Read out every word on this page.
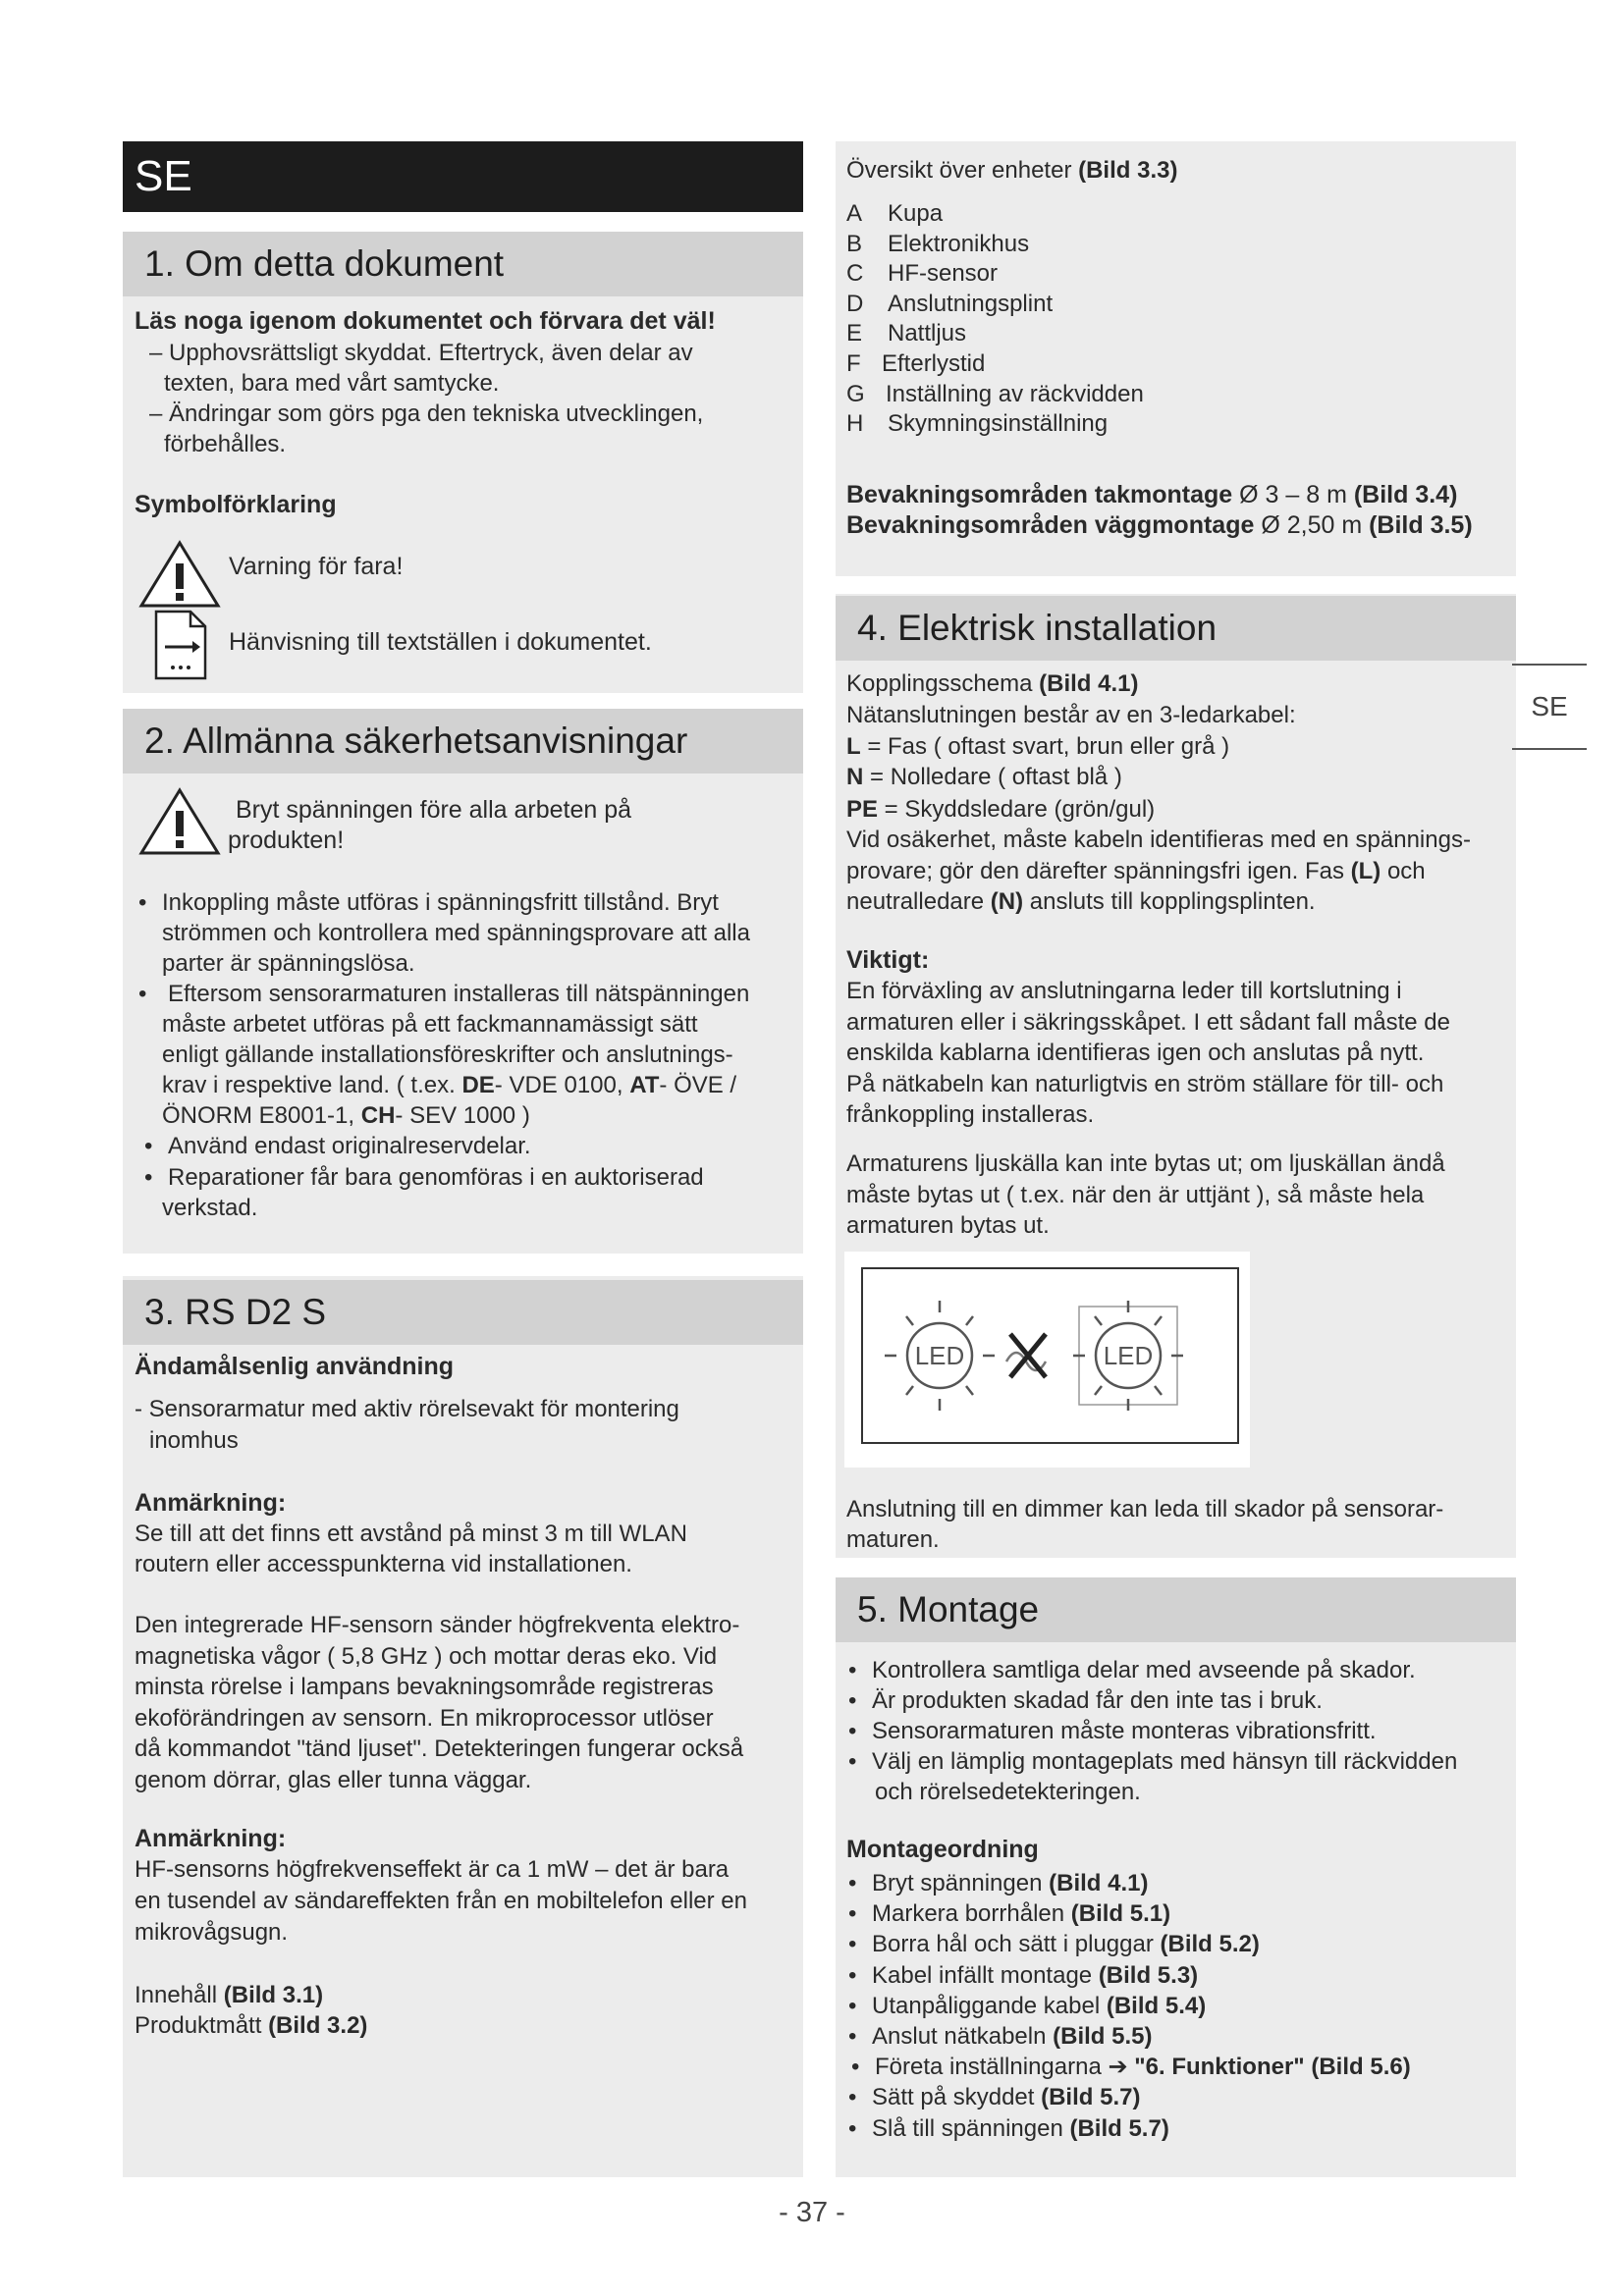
SE
1. Om detta dokument
Läs noga igenom dokumentet och förvara det väl!
– Upphovsrättsligt skyddat. Eftertryck, även delar av
texten, bara med vårt samtycke.
– Ändringar som görs pga den tekniska utvecklingen,
förbehålles.
Symbolförklaring
Varning för fara!
Hänvisning till textställen i dokumentet.
2. Allmänna säkerhetsanvisningar
Bryt spänningen före alla arbeten på
produkten!
• Inkoppling måste utföras i spänningsfritt tillstånd. Bryt
strömmen och kontrollera med spänningsprovare att alla
parter är spänningslösa.
• Eftersom sensorarmaturen installeras till nätspänningen
måste arbetet utföras på ett fackmannamässigt sätt
enligt gällande installationsföreskrifter och anslutnings-
krav i respektive land. ( t.ex. DE- VDE 0100, AT- ÖVE /
ÖNORM E8001-1, CH- SEV 1000 )
• Använd endast originalreservdelar.
• Reparationer får bara genomföras i en auktoriserad
verkstad.
3. RS D2 S
Ändamålsenlig användning
- Sensorarmatur med aktiv rörelsevakt för montering
inomhus
Anmärkning:
Se till att det finns ett avstånd på minst 3 m till WLAN
routern eller accesspunkterna vid installationen.
Den integrerade HF-sensorn sänder högfrekventa elektro-
magnetiska vågor ( 5,8 GHz ) och mottar deras eko. Vid
minsta rörelse i lampans bevakningsområde registreras
ekoförändringen av sensorn. En mikroprocessor utlöser
då kommandot "tänd ljuset". Detekteringen fungerar också
genom dörrar, glas eller tunna väggar.
Anmärkning:
HF-sensorns högfrekvenseffekt är ca 1 mW – det är bara
en tusendel av sändareffekten från en mobiltelefon eller en
mikrovågsugn.
Innehåll (Bild 3.1)
Produktmått (Bild 3.2)
Översikt över enheter (Bild 3.3)
A Kupa
B Elektronikhus
C HF-sensor
D Anslutningsplint
E Nattljus
F Efterlystid
G Inställning av räckvidden
H Skymningsinställning
Bevakningsområden takmontage Ø 3 – 8 m (Bild 3.4)
Bevakningsområden väggmontage Ø 2,50 m (Bild 3.5)
4. Elektrisk installation
Kopplingsschema (Bild 4.1)
Nätanslutningen består av en 3-ledarkabel:
L = Fas ( oftast svart, brun eller grå )
N = Nolledare ( oftast blå )
PE = Skyddsledare (grön/gul)
Vid osäkerhet, måste kabeln identifieras med en spännings-
provare; gör den därefter spänningsfri igen. Fas (L) och
neutralledare (N) ansluts till kopplingsplinten.
Viktigt:
En förväxling av anslutningarna leder till kortslutning i
armaturen eller i säkringsskåpet. I ett sådant fall måste de
enskilda kablarna identifieras igen och anslutas på nytt.
På nätkabeln kan naturligtvis en ström ställare för till- och
frånkoppling installeras.
Armaturens ljuskälla kan inte bytas ut; om ljuskällan ändå
måste bytas ut ( t.ex. när den är uttjänt ), så måste hela
armaturen bytas ut.
LED	LED
Anslutning till en dimmer kan leda till skador på sensorar-
maturen.
5. Montage
• Kontrollera samtliga delar med avseende på skador.
• Är produkten skadad får den inte tas i bruk.
• Sensorarmaturen måste monteras vibrationsfritt.
• Välj en lämplig montageplats med hänsyn till räckvidden
och rörelsedetekteringen.
Montageordning
• Bryt spänningen (Bild 4.1)
• Markera borrhålen (Bild 5.1)
• Borra hål och sätt i pluggar (Bild 5.2)
• Kabel infällt montage (Bild 5.3)
• Utanpåliggande kabel (Bild 5.4)
• Anslut nätkabeln (Bild 5.5)
• Företa inställningarna ➔ "6. Funktioner" (Bild 5.6)
• Sätt på skyddet (Bild 5.7)
• Slå till spänningen (Bild 5.7)
SE
- 37 -
